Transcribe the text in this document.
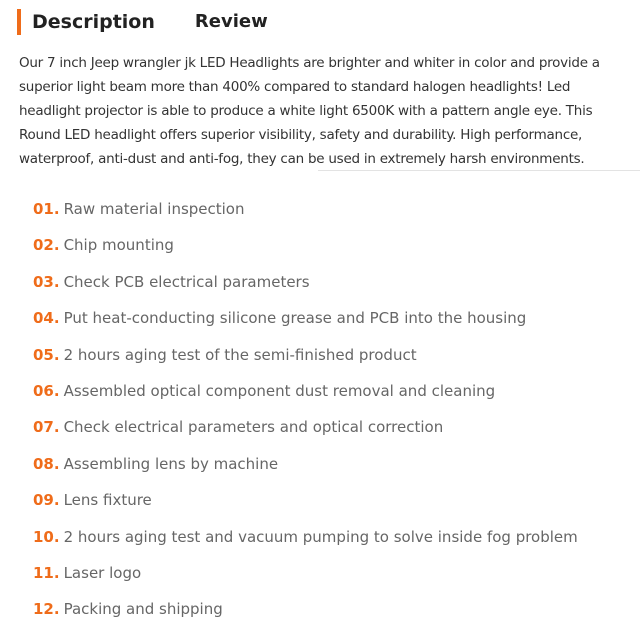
Description Review

Our 7 inch Jeep wrangler jk LED Headlights are brighter and whiter in color and provide a superior light beam more than 400% compared to standard halogen headlights! Led headlight projector is able to produce a white light 6500K with a pattern angle eye. This Round LED headlight offers superior visibility, safety and durability. High performance, waterproof, anti-dust and anti-fog, they can be used in extremely harsh environments.

01. Raw material inspection
02. Chip mounting
03. Check PCB electrical parameters
04. Put heat-conducting silicone grease and PCB into the housing
05. 2 hours aging test of the semi-finished product
06. Assembled optical component dust removal and cleaning
07. Check electrical parameters and optical correction
08. Assembling lens by machine
09. Lens fixture
10. 2 hours aging test and vacuum pumping to solve inside fog problem
11. Laser logo
12. Packing and shipping
